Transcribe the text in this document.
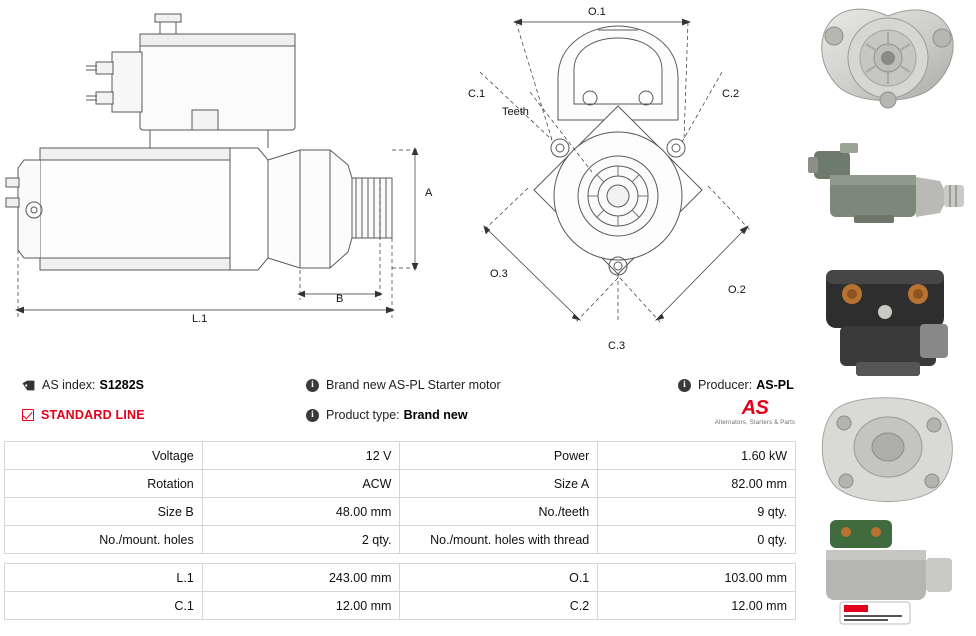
A
B
L.1
O.1
C.1	C.2
Teeth
O.3
O.2
C.3
AS index: S1282S
STANDARD LINE
i Brand new AS-PL Starter motor
i Product type: Brand new
i Producer: AS-PL
AS
Alternators, Starters & Parts
Voltage	12 V	Power	1.60 kW
Rotation	ACW	Size A	82.00 mm
Size B	48.00 mm	No./teeth	9 qty.
No./mount. holes	2 qty.	No./mount. holes with thread	0 qty.

L.1	243.00 mm	O.1	103.00 mm
C.1	12.00 mm	C.2	12.00 mm
